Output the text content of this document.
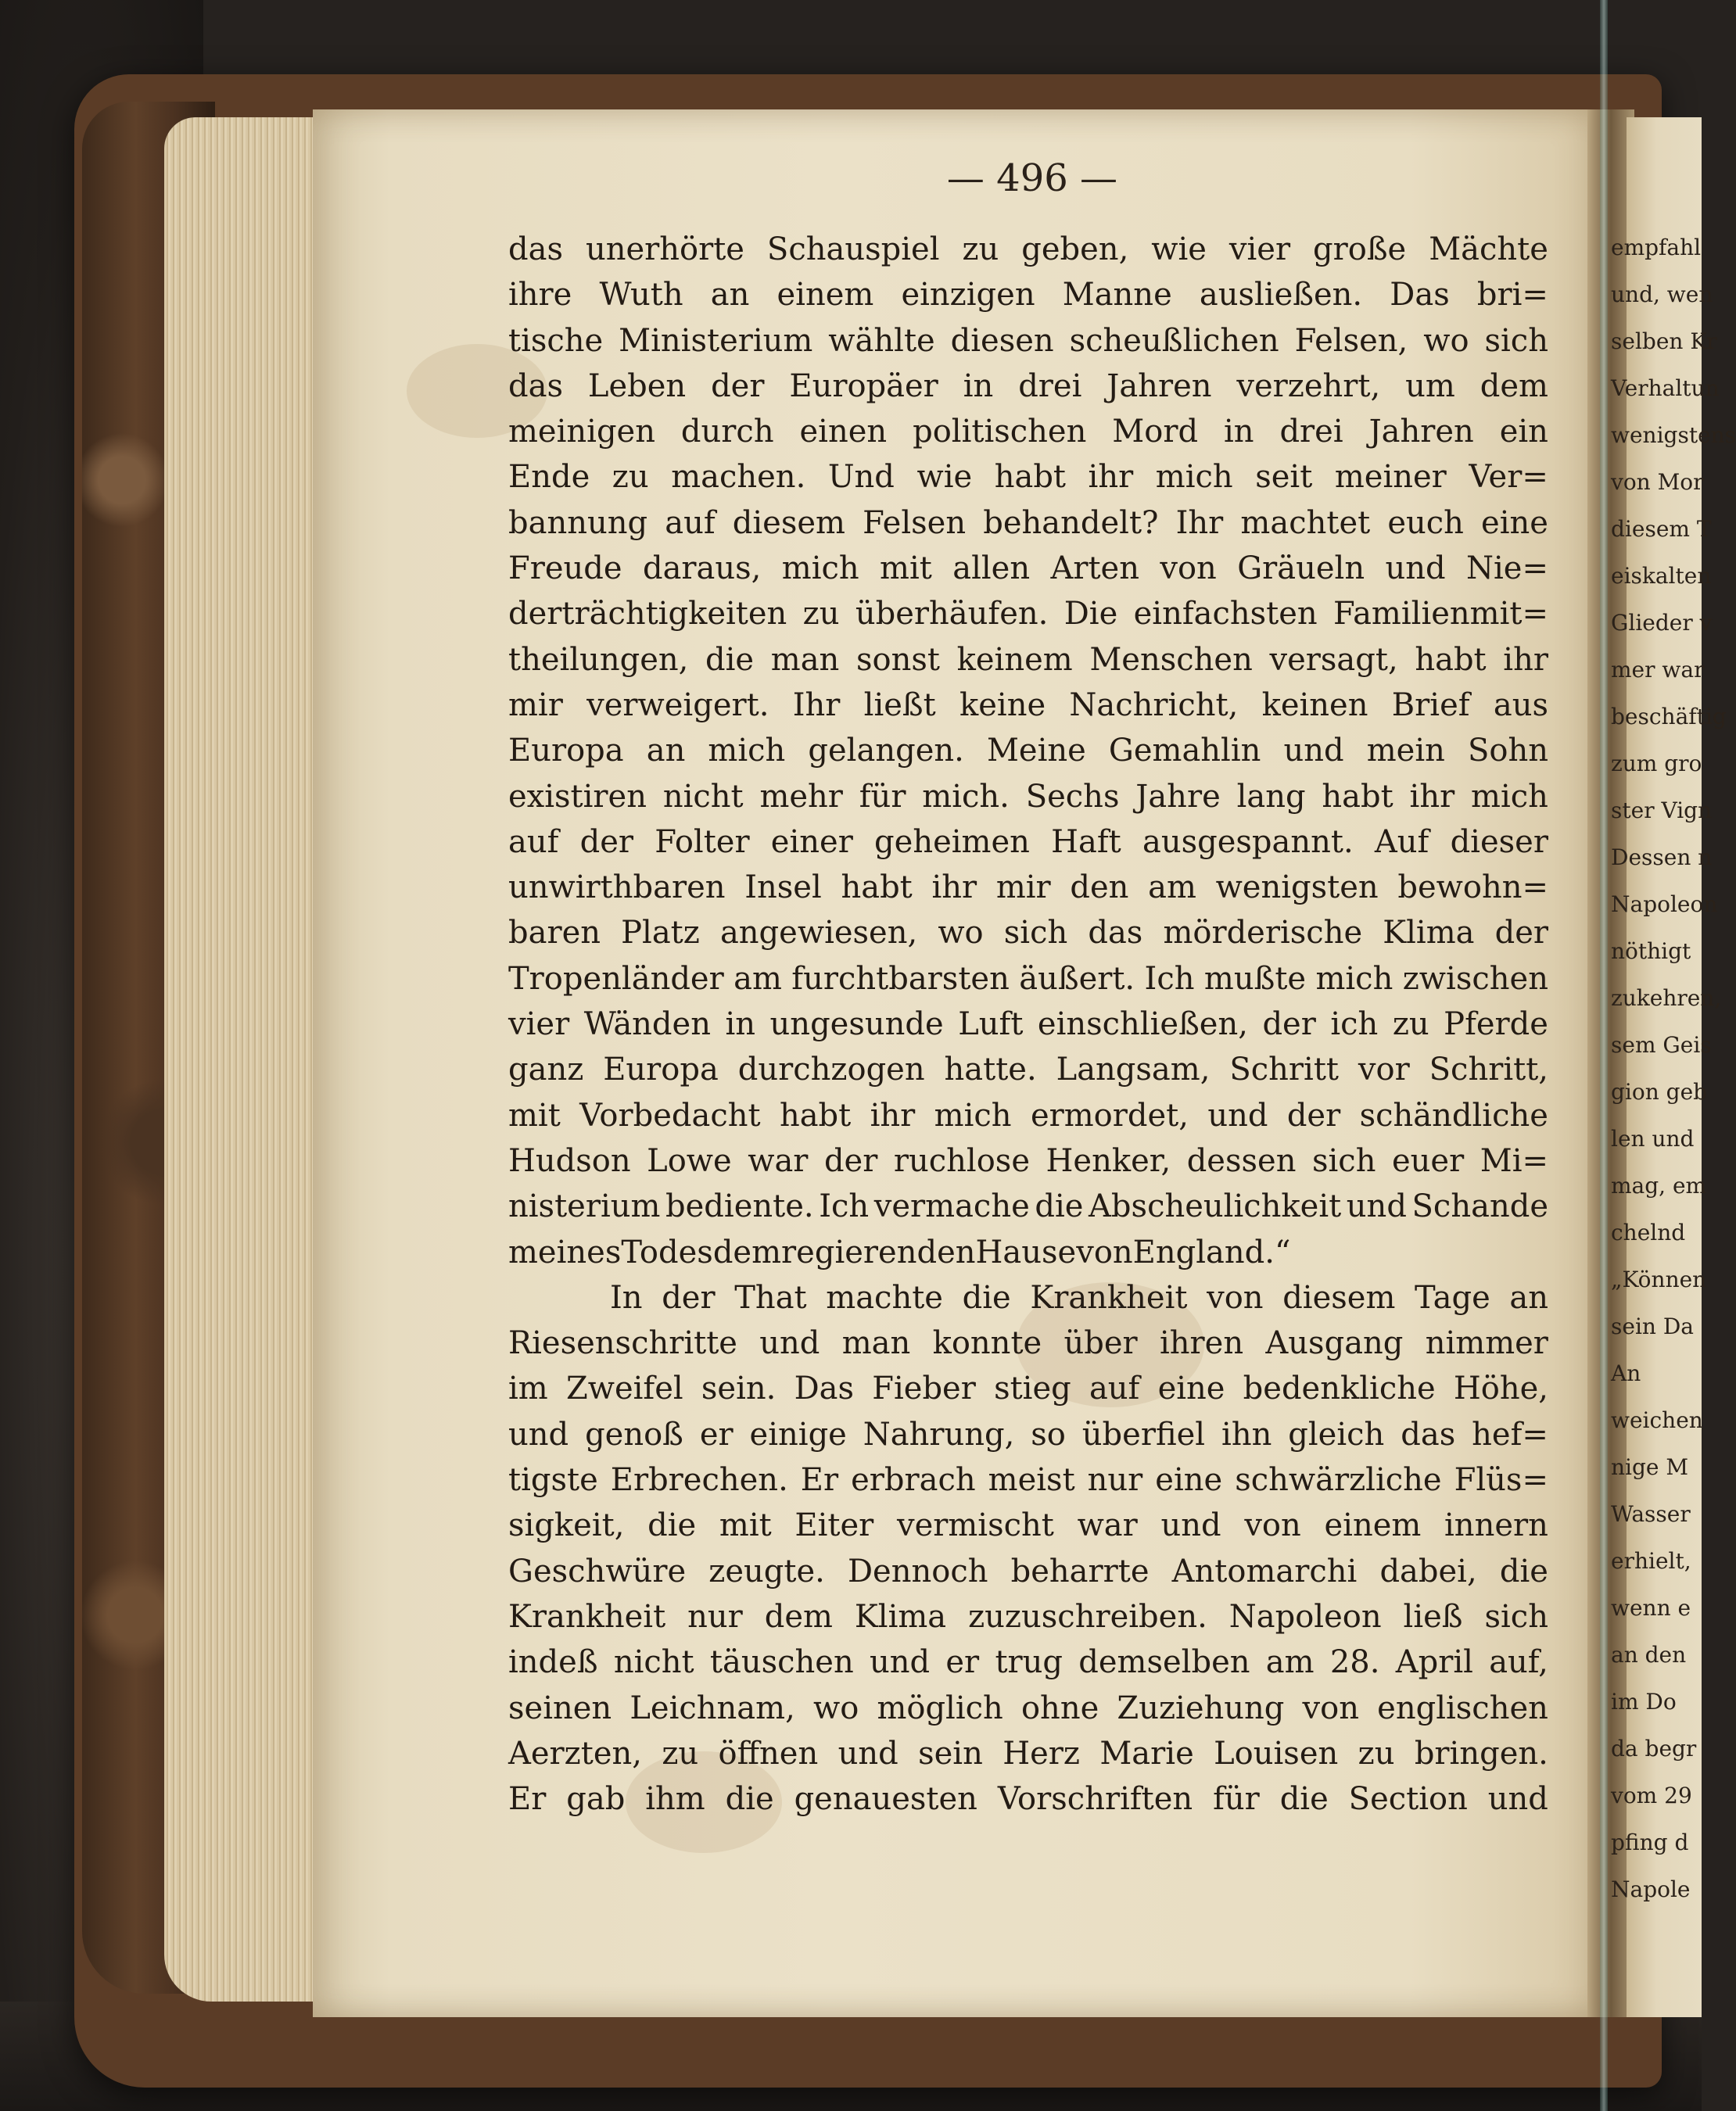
— 496 —
das unerhörte Schauspiel zu geben, wie vier große Mächte
ihre Wuth an einem einzigen Manne ausließen. Das bri=
tische Ministerium wählte diesen scheußlichen Felsen, wo sich
das Leben der Europäer in drei Jahren verzehrt, um dem
meinigen durch einen politischen Mord in drei Jahren ein
Ende zu machen. Und wie habt ihr mich seit meiner Ver=
bannung auf diesem Felsen behandelt? Ihr machtet euch eine
Freude daraus, mich mit allen Arten von Gräueln und Nie=
derträchtigkeiten zu überhäufen. Die einfachsten Familienmit=
theilungen, die man sonst keinem Menschen versagt, habt ihr
mir verweigert. Ihr ließt keine Nachricht, keinen Brief aus
Europa an mich gelangen. Meine Gemahlin und mein Sohn
existiren nicht mehr für mich. Sechs Jahre lang habt ihr mich
auf der Folter einer geheimen Haft ausgespannt. Auf dieser
unwirthbaren Insel habt ihr mir den am wenigsten bewohn=
baren Platz angewiesen, wo sich das mörderische Klima der
Tropenländer am furchtbarsten äußert. Ich mußte mich zwischen
vier Wänden in ungesunde Luft einschließen, der ich zu Pferde
ganz Europa durchzogen hatte. Langsam, Schritt vor Schritt,
mit Vorbedacht habt ihr mich ermordet, und der schändliche
Hudson Lowe war der ruchlose Henker, dessen sich euer Mi=
nisterium bediente. Ich vermache die Abscheulichkeit und Schande
meines Todes dem regierenden Hause von England.“
In der That machte die Krankheit von diesem Tage an
Riesenschritte und man konnte über ihren Ausgang nimmer
im Zweifel sein. Das Fieber stieg auf eine bedenkliche Höhe,
und genoß er einige Nahrung, so überfiel ihn gleich das hef=
tigste Erbrechen. Er erbrach meist nur eine schwärzliche Flüs=
sigkeit, die mit Eiter vermischt war und von einem innern
Geschwüre zeugte. Dennoch beharrte Antomarchi dabei, die
Krankheit nur dem Klima zuzuschreiben. Napoleon ließ sich
indeß nicht täuschen und er trug demselben am 28. April auf,
seinen Leichnam, wo möglich ohne Zuziehung von englischen
Aerzten, zu öffnen und sein Herz Marie Louisen zu bringen.
Er gab ihm die genauesten Vorschriften für die Section und
empfahl
und, wen
selben Kr
Verhaltun
wenigstens
von Mor
diesem T
eiskalten
Glieder v
mer war
beschäftig
zum gro
ster Vign
Dessen n
Napoleon
nöthigt
zukehren,
sem Geis
gion geb
len und
mag, em
chelnd
„Können
sein Da
An
weichen
nige M
Wasser
erhielt,
wenn e
an den
im Do
da begr
vom 29
pfing d
Napole
